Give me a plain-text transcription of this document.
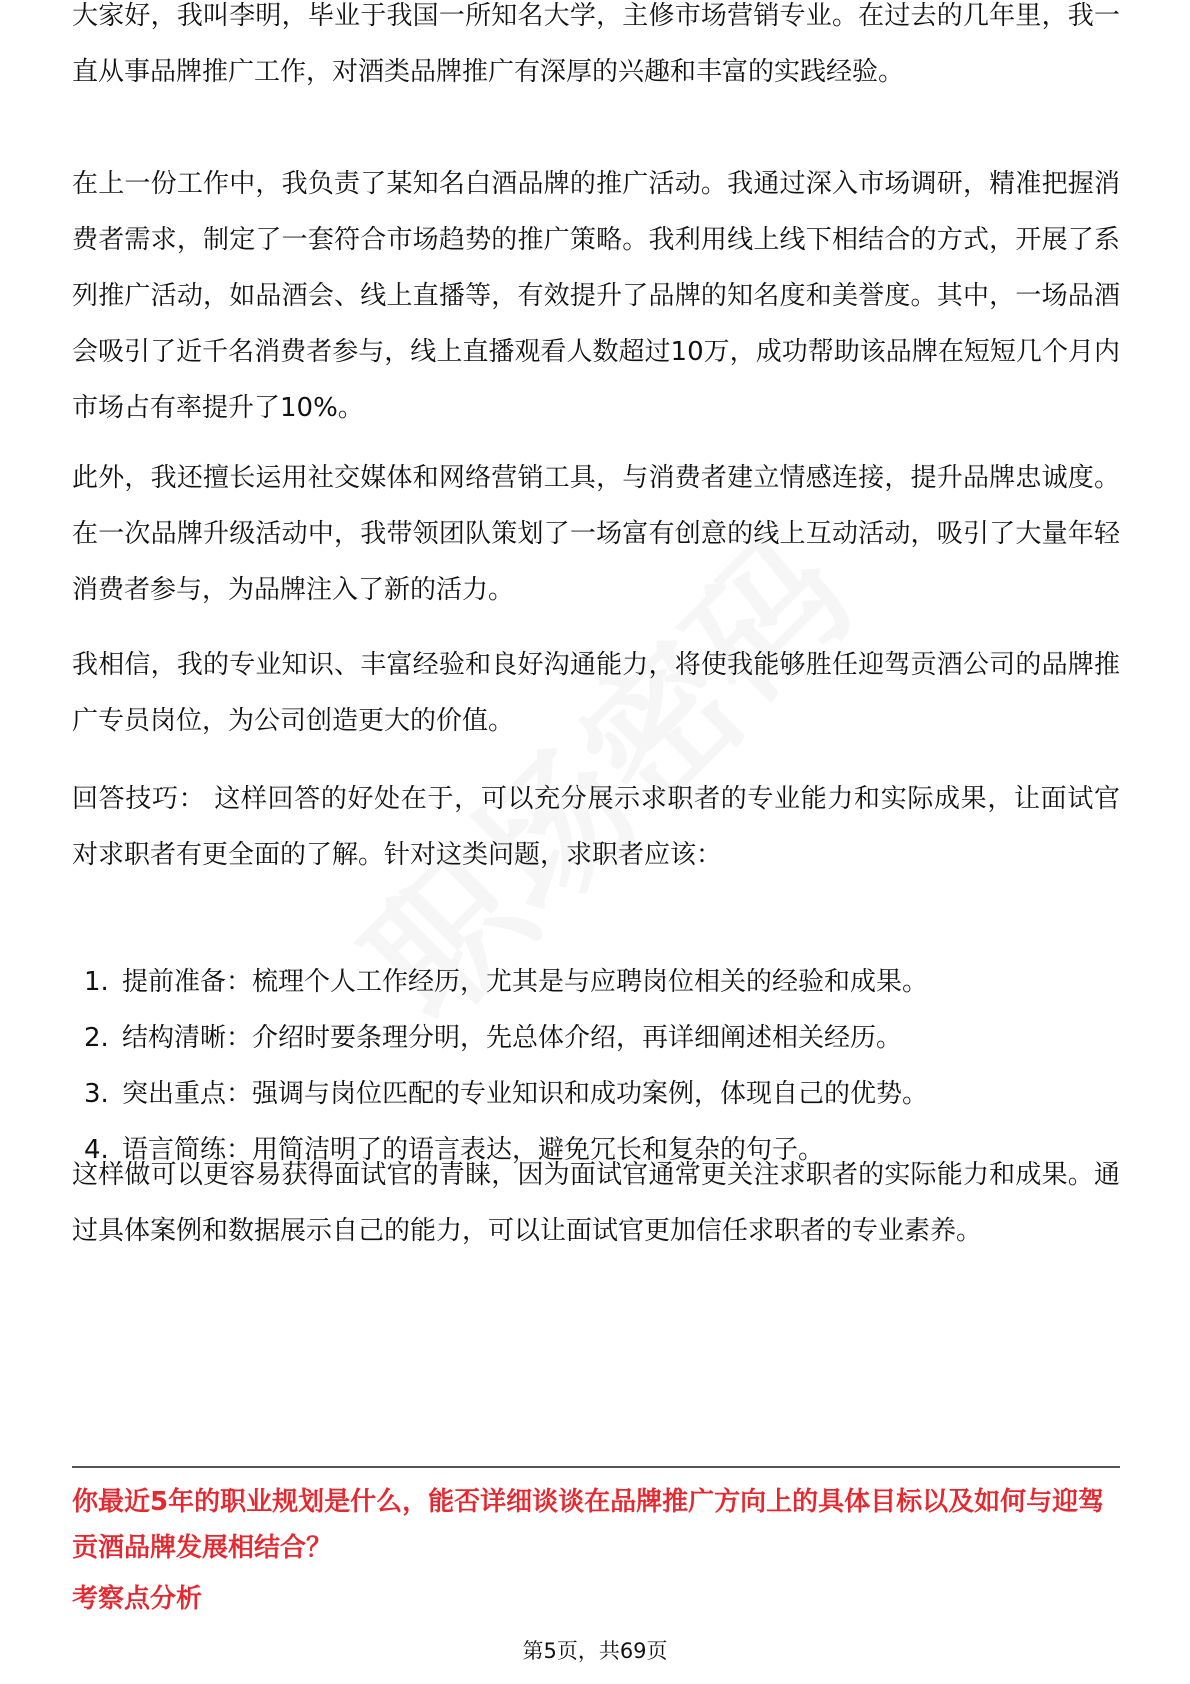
大家好，我叫李明，毕业于我国一所知名大学，主修市场营销专业。在过去的几年里，我一直从事品牌推广工作，对酒类品牌推广有深厚的兴趣和丰富的实践经验。

在上一份工作中，我负责了某知名白酒品牌的推广活动。我通过深入市场调研，精准把握消费者需求，制定了一套符合市场趋势的推广策略。我利用线上线下相结合的方式，开展了系列推广活动，如品酒会、线上直播等，有效提升了品牌的知名度和美誉度。其中，一场品酒会吸引了近千名消费者参与，线上直播观看人数超过10万，成功帮助该品牌在短短几个月内市场占有率提升了10%。

此外，我还擅长运用社交媒体和网络营销工具，与消费者建立情感连接，提升品牌忠诚度。在一次品牌升级活动中，我带领团队策划了一场富有创意的线上互动活动，吸引了大量年轻消费者参与，为品牌注入了新的活力。

我相信，我的专业知识、丰富经验和良好沟通能力，将使我能够胜任迎驾贡酒公司的品牌推广专员岗位，为公司创造更大的价值。

回答技巧： 这样回答的好处在于，可以充分展示求职者的专业能力和实际成果，让面试官对求职者有更全面的了解。针对这类问题，求职者应该：

1. 提前准备：梳理个人工作经历，尤其是与应聘岗位相关的经验和成果。
2. 结构清晰：介绍时要条理分明，先总体介绍，再详细阐述相关经历。
3. 突出重点：强调与岗位匹配的专业知识和成功案例，体现自己的优势。
4. 语言简练：用简洁明了的语言表达，避免冗长和复杂的句子。

这样做可以更容易获得面试官的青睐，因为面试官通常更关注求职者的实际能力和成果。通过具体案例和数据展示自己的能力，可以让面试官更加信任求职者的专业素养。

你最近5年的职业规划是什么，能否详细谈谈在品牌推广方向上的具体目标以及如何与迎驾贡酒品牌发展相结合？

考察点分析

第5页，共69页
